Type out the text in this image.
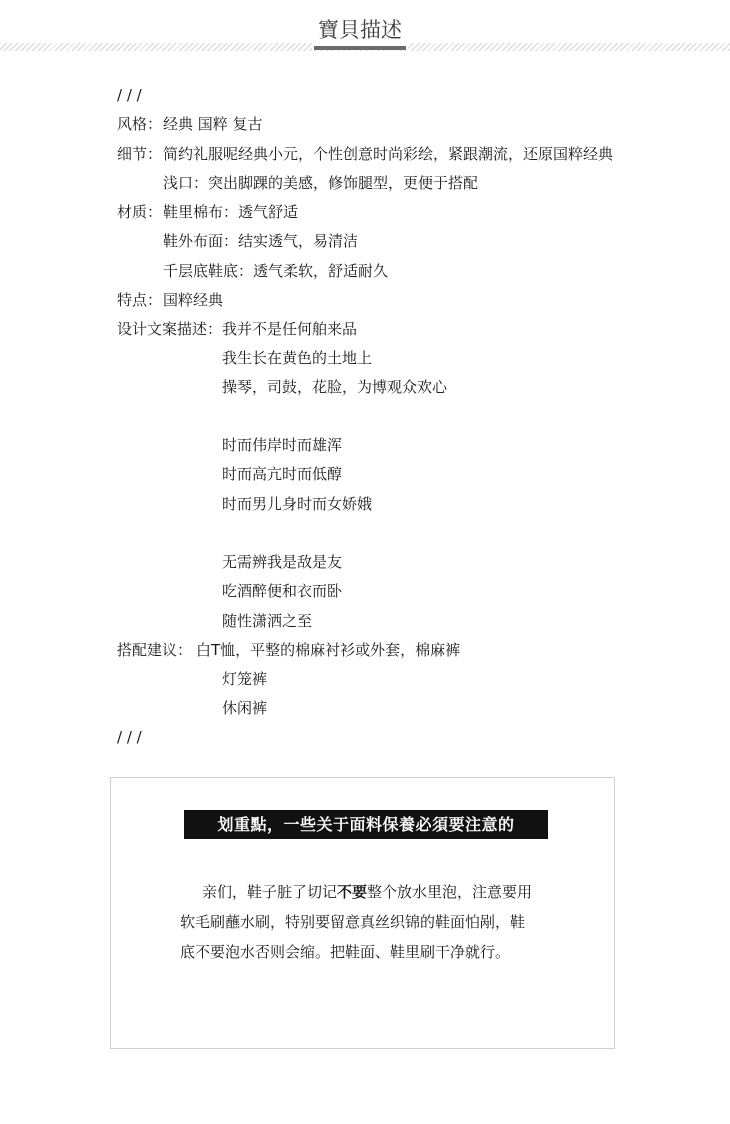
寶貝描述
/ / /
风格： 经典 国粹 复古
细节： 简约礼服呢经典小元，个性创意时尚彩绘，紧跟潮流，还原国粹经典
浅口：突出脚踝的美感，修饰腿型，更便于搭配
材质： 鞋里棉布：透气舒适
鞋外布面：结实透气，易清洁
千层底鞋底：透气柔软，舒适耐久
特点： 国粹经典
设计文案描述： 我并不是任何舶来品
我生长在黄色的土地上
操琴，司鼓，花脸，为博观众欢心
时而伟岸时而雄浑
时而高亢时而低醇
时而男儿身时而女娇娥
无需辨我是敌是友
吃酒醉便和衣而卧
随性潇洒之至
搭配建议： 白T恤，平整的棉麻衬衫或外套，棉麻裤
灯笼裤
休闲裤
/ / /
划重點，一些关于面料保養必須要注意的
亲们，鞋子脏了切记不要整个放水里泡，注意要用
软毛刷蘸水刷，特别要留意真丝织锦的鞋面怕剐，鞋
底不要泡水否则会缩。把鞋面、鞋里刷干净就行。
